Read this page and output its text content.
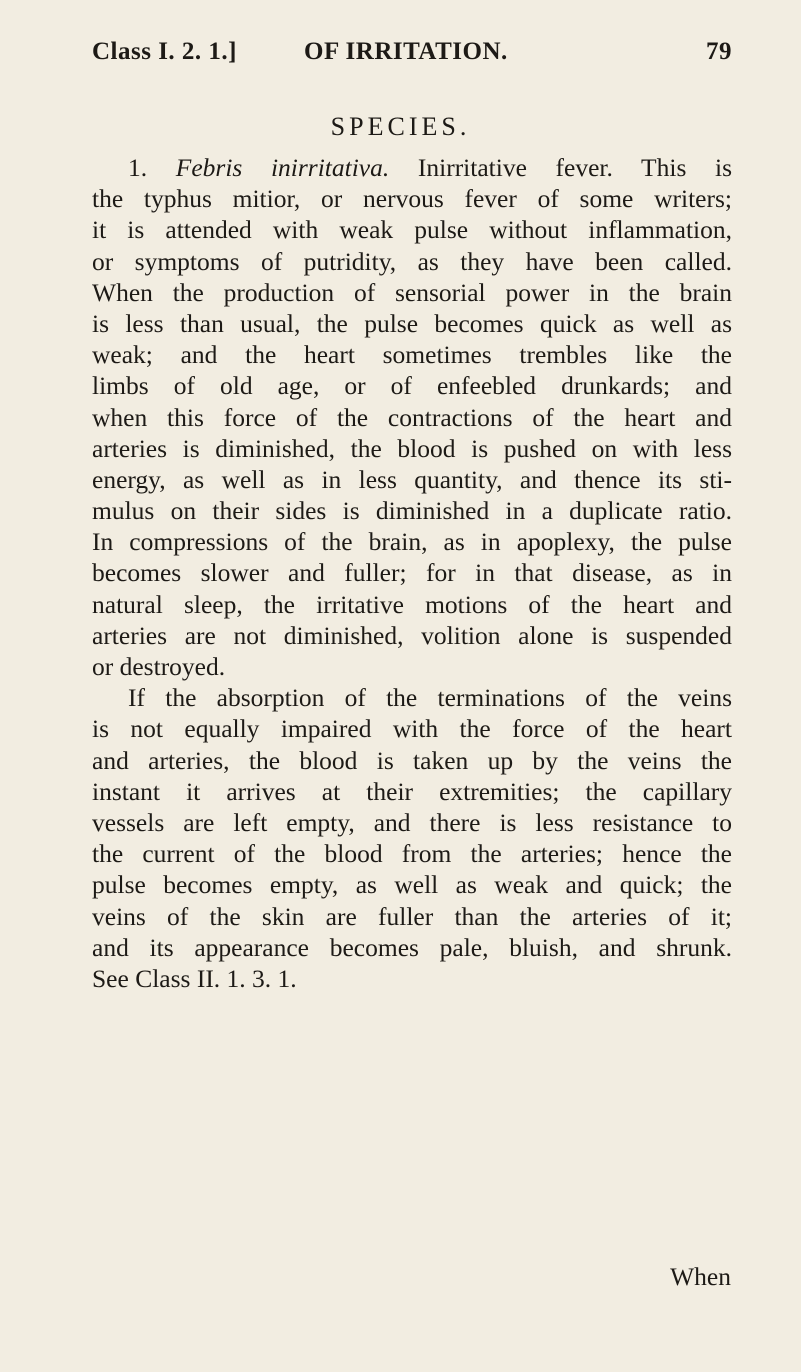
Class I. 2. 1.]	OF IRRITATION.	79
SPECIES.
1. Febris inirritativa. Inirritative fever. This is
the typhus mitior, or nervous fever of some writers;
it is attended with weak pulse without inflammation,
or symptoms of putridity, as they have been called.
When the production of sensorial power in the brain
is less than usual, the pulse becomes quick as well as
weak; and the heart sometimes trembles like the
limbs of old age, or of enfeebled drunkards; and
when this force of the contractions of the heart and
arteries is diminished, the blood is pushed on with less
energy, as well as in less quantity, and thence its sti-
mulus on their sides is diminished in a duplicate ratio.
In compressions of the brain, as in apoplexy, the pulse
becomes slower and fuller; for in that disease, as in
natural sleep, the irritative motions of the heart and
arteries are not diminished, volition alone is suspended
or destroyed.
If the absorption of the terminations of the veins
is not equally impaired with the force of the heart
and arteries, the blood is taken up by the veins the
instant it arrives at their extremities; the capillary
vessels are left empty, and there is less resistance to
the current of the blood from the arteries; hence the
pulse becomes empty, as well as weak and quick; the
veins of the skin are fuller than the arteries of it;
and its appearance becomes pale, bluish, and shrunk.
See Class II. 1. 3. 1.
When
